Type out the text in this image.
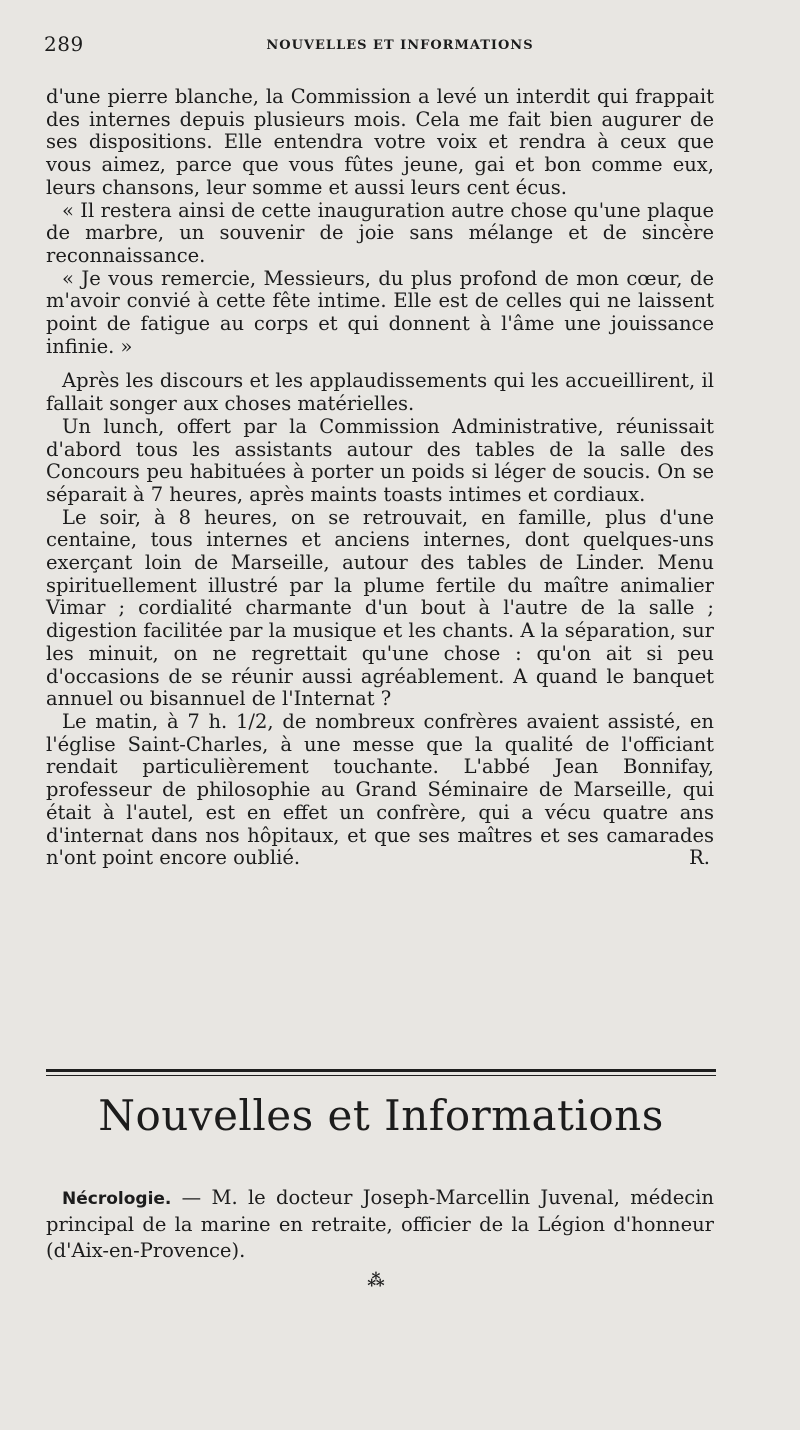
289	NOUVELLES ET INFORMATIONS

d'une pierre blanche, la Commission a levé un interdit qui frappait des internes depuis plusieurs mois. Cela me fait bien augurer de ses dispositions. Elle entendra votre voix et rendra à ceux que vous aimez, parce que vous fûtes jeune, gai et bon comme eux, leurs chansons, leur somme et aussi leurs cent écus.

« Il restera ainsi de cette inauguration autre chose qu'une plaque de marbre, un souvenir de joie sans mélange et de sincère reconnaissance.

« Je vous remercie, Messieurs, du plus profond de mon cœur, de m'avoir convié à cette fête intime. Elle est de celles qui ne laissent point de fatigue au corps et qui donnent à l'âme une jouissance infinie. »

Après les discours et les applaudissements qui les accueillirent, il fallait songer aux choses matérielles.

Un lunch, offert par la Commission Administrative, réunissait d'abord tous les assistants autour des tables de la salle des Concours peu habituées à porter un poids si léger de soucis. On se séparait à 7 heures, après maints toasts intimes et cordiaux.

Le soir, à 8 heures, on se retrouvait, en famille, plus d'une centaine, tous internes et anciens internes, dont quelques-uns exerçant loin de Marseille, autour des tables de Linder. Menu spirituellement illustré par la plume fertile du maître animalier Vimar ; cordialité charmante d'un bout à l'autre de la salle ; digestion facilitée par la musique et les chants. A la séparation, sur les minuit, on ne regrettait qu'une chose : qu'on ait si peu d'occasions de se réunir aussi agréablement. A quand le banquet annuel ou bisannuel de l'Internat ?

Le matin, à 7 h. 1/2, de nombreux confrères avaient assisté, en l'église Saint-Charles, à une messe que la qualité de l'officiant rendait particulièrement touchante. L'abbé Jean Bonnifay, professeur de philosophie au Grand Séminaire de Marseille, qui était à l'autel, est en effet un confrère, qui a vécu quatre ans d'internat dans nos hôpitaux, et que ses maîtres et ses camarades n'ont point encore oublié.	R.

Nouvelles et Informations

Nécrologie. — M. le docteur Joseph-Marcellin Juvenal, médecin principal de la marine en retraite, officier de la Légion d'honneur (d'Aix-en-Provence).

⁂
